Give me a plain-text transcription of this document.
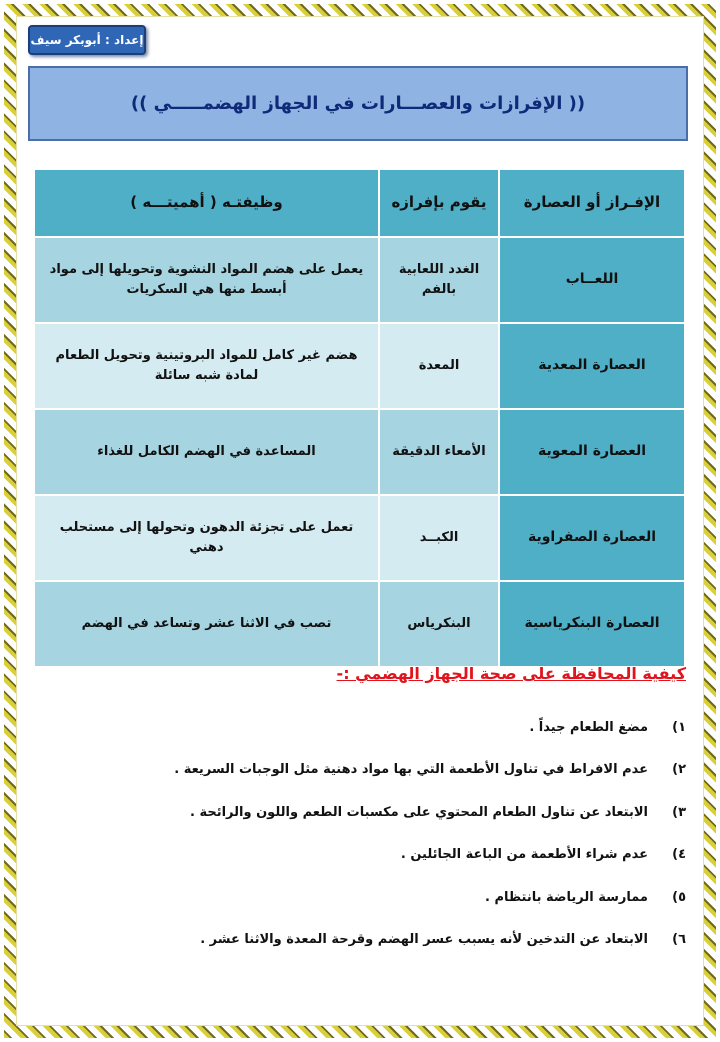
إعداد : أبوبكر سيف
(( الإفرازات والعصـــارات في الجهاز الهضمـــــي ))
الإفـراز أو العصارة	يقوم بإفرازه	وظيفتـه ( أهميتـــه )
اللعــاب	الغدد اللعابية بالفم	يعمل على هضم المواد النشوية وتحويلها إلى مواد أبسط منها هي السكريات
العصارة المعدية	المعدة	هضم غير كامل للمواد البروتينية وتحويل الطعام لمادة شبه سائلة
العصارة المعوية	الأمعاء الدقيقة	المساعدة في الهضم الكامل للغذاء
العصارة الصفراوية	الكبــد	تعمل على تجزئة الدهون وتحولها إلى مستحلب دهني
العصارة البنكرياسية	البنكرياس	تصب في الاثنا عشر وتساعد في الهضم
كيفية المحافظة على صحة الجهاز الهضمي :-
١)
مضغ الطعام جيداً .
٢)
عدم الافراط في تناول الأطعمة التي بها مواد دهنية مثل الوجبات السريعة .
٣)
الابتعاد عن تناول الطعام المحتوي على مكسبات الطعم واللون والرائحة .
٤)
عدم شراء الأطعمة من الباعة الجائلين .
٥)
ممارسة الرياضة بانتظام .
٦)
الابتعاد عن التدخين لأنه يسبب عسر الهضم وقرحة المعدة والاثنا عشر .
